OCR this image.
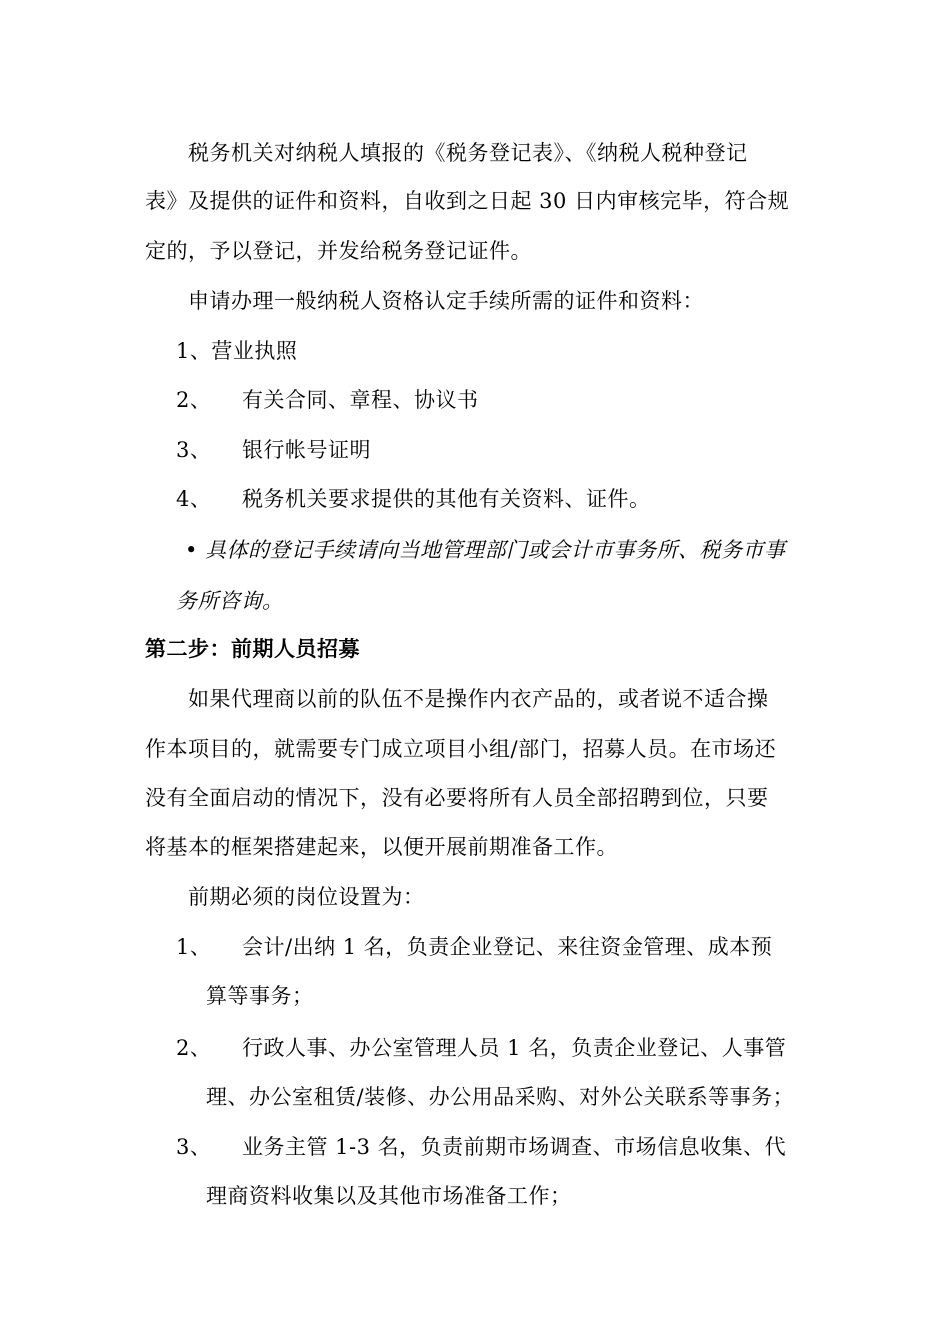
税务机关对纳税人填报的《税务登记表》、《纳税人税种登记
表》及提供的证件和资料，自收到之日起 30 日内审核完毕，符合规
定的，予以登记，并发给税务登记证件。
申请办理一般纳税人资格认定手续所需的证件和资料：
1、营业执照
2、 有关合同、章程、协议书
3、 银行帐号证明
4、 税务机关要求提供的其他有关资料、证件。
• 具体的登记手续请向当地管理部门或会计市事务所、税务市事
务所咨询。
第二步：前期人员招募
如果代理商以前的队伍不是操作内衣产品的，或者说不适合操
作本项目的，就需要专门成立项目小组/部门，招募人员。在市场还
没有全面启动的情况下，没有必要将所有人员全部招聘到位，只要
将基本的框架搭建起来，以便开展前期准备工作。
前期必须的岗位设置为：
1、 会计/出纳 1 名，负责企业登记、来往资金管理、成本预
算等事务；
2、 行政人事、办公室管理人员 1 名，负责企业登记、人事管
理、办公室租赁/装修、办公用品采购、对外公关联系等事务；
3、 业务主管 1-3 名，负责前期市场调查、市场信息收集、代
理商资料收集以及其他市场准备工作；
